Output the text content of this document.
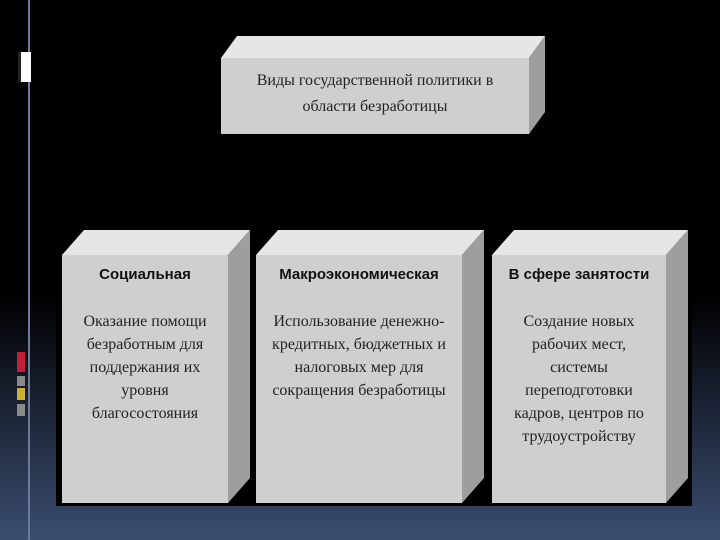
Виды государственной политики в
области безработицы
Социальная
Оказание помощи
безработным для
поддержания их
уровня
благосостояния
Макроэкономическая
Использование денежно-
кредитных, бюджетных и
налоговых мер для
сокращения безработицы
В сфере занятости
Создание новых
рабочих мест,
системы
переподготовки
кадров, центров по
трудоустройству
